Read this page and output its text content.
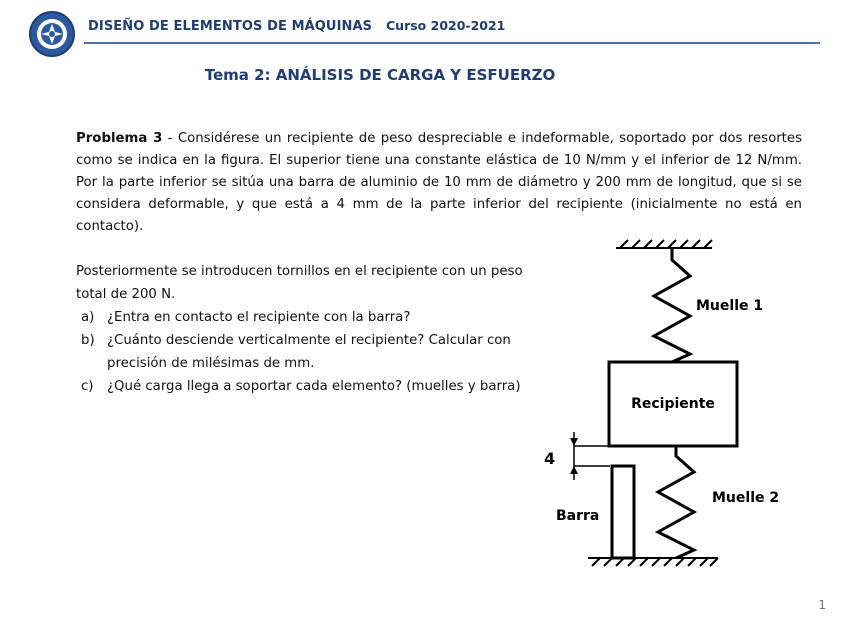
DISEÑO DE ELEMENTOS DE MÁQUINAS Curso 2020-2021
Tema 2: ANÁLISIS DE CARGA Y ESFUERZO
Problema 3 - Considérese un recipiente de peso despreciable e indeformable, soportado por dos resortes como se indica en la figura. El superior tiene una constante elástica de 10 N/mm y el inferior de 12 N/mm. Por la parte inferior se sitúa una barra de aluminio de 10 mm de diámetro y 200 mm de longitud, que si se considera deformable, y que está a 4 mm de la parte inferior del recipiente (inicialmente no está en contacto).
Posteriormente se introducen tornillos en el recipiente con un peso total de 200 N.
a) ¿Entra en contacto el recipiente con la barra?
b) ¿Cuánto desciende verticalmente el recipiente? Calcular con precisión de milésimas de mm.
c) ¿Qué carga llega a soportar cada elemento? (muelles y barra)
Recipiente
Muelle 1
Muelle 2
Barra
4
1
